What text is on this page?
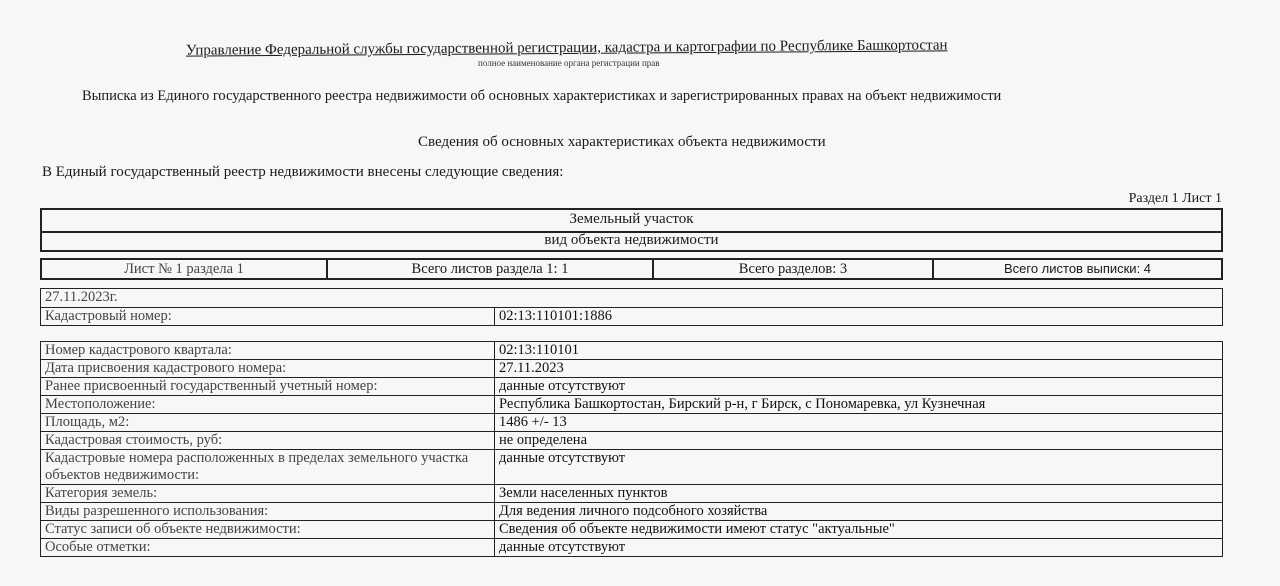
Управление Федеральной службы государственной регистрации, кадастра и картографии по Республике Башкортостан
полное наименование органа регистрации прав
Выписка из Единого государственного реестра недвижимости об основных характеристиках и зарегистрированных правах на объект недвижимости
Сведения об основных характеристиках объекта недвижимости
В Единый государственный реестр недвижимости внесены следующие сведения:
Раздел 1 Лист 1
Земельный участок
вид объекта недвижимости
Лист № 1 раздела 1	Всего листов раздела 1: 1	Всего разделов: 3	Всего листов выписки: 4
27.11.2023г.
Кадастровый номер:	02:13:110101:1886
Номер кадастрового квартала:	02:13:110101
Дата присвоения кадастрового номера:	27.11.2023
Ранее присвоенный государственный учетный номер:	данные отсутствуют
Местоположение:	Республика Башкортостан, Бирский р-н, г Бирск, с Пономаревка, ул Кузнечная
Площадь, м2:	1486 +/- 13
Кадастровая стоимость, руб:	не определена
Кадастровые номера расположенных в пределах земельного участка объектов недвижимости:	данные отсутствуют
Категория земель:	Земли населенных пунктов
Виды разрешенного использования:	Для ведения личного подсобного хозяйства
Статус записи об объекте недвижимости:	Сведения об объекте недвижимости имеют статус "актуальные"
Особые отметки:	данные отсутствуют
